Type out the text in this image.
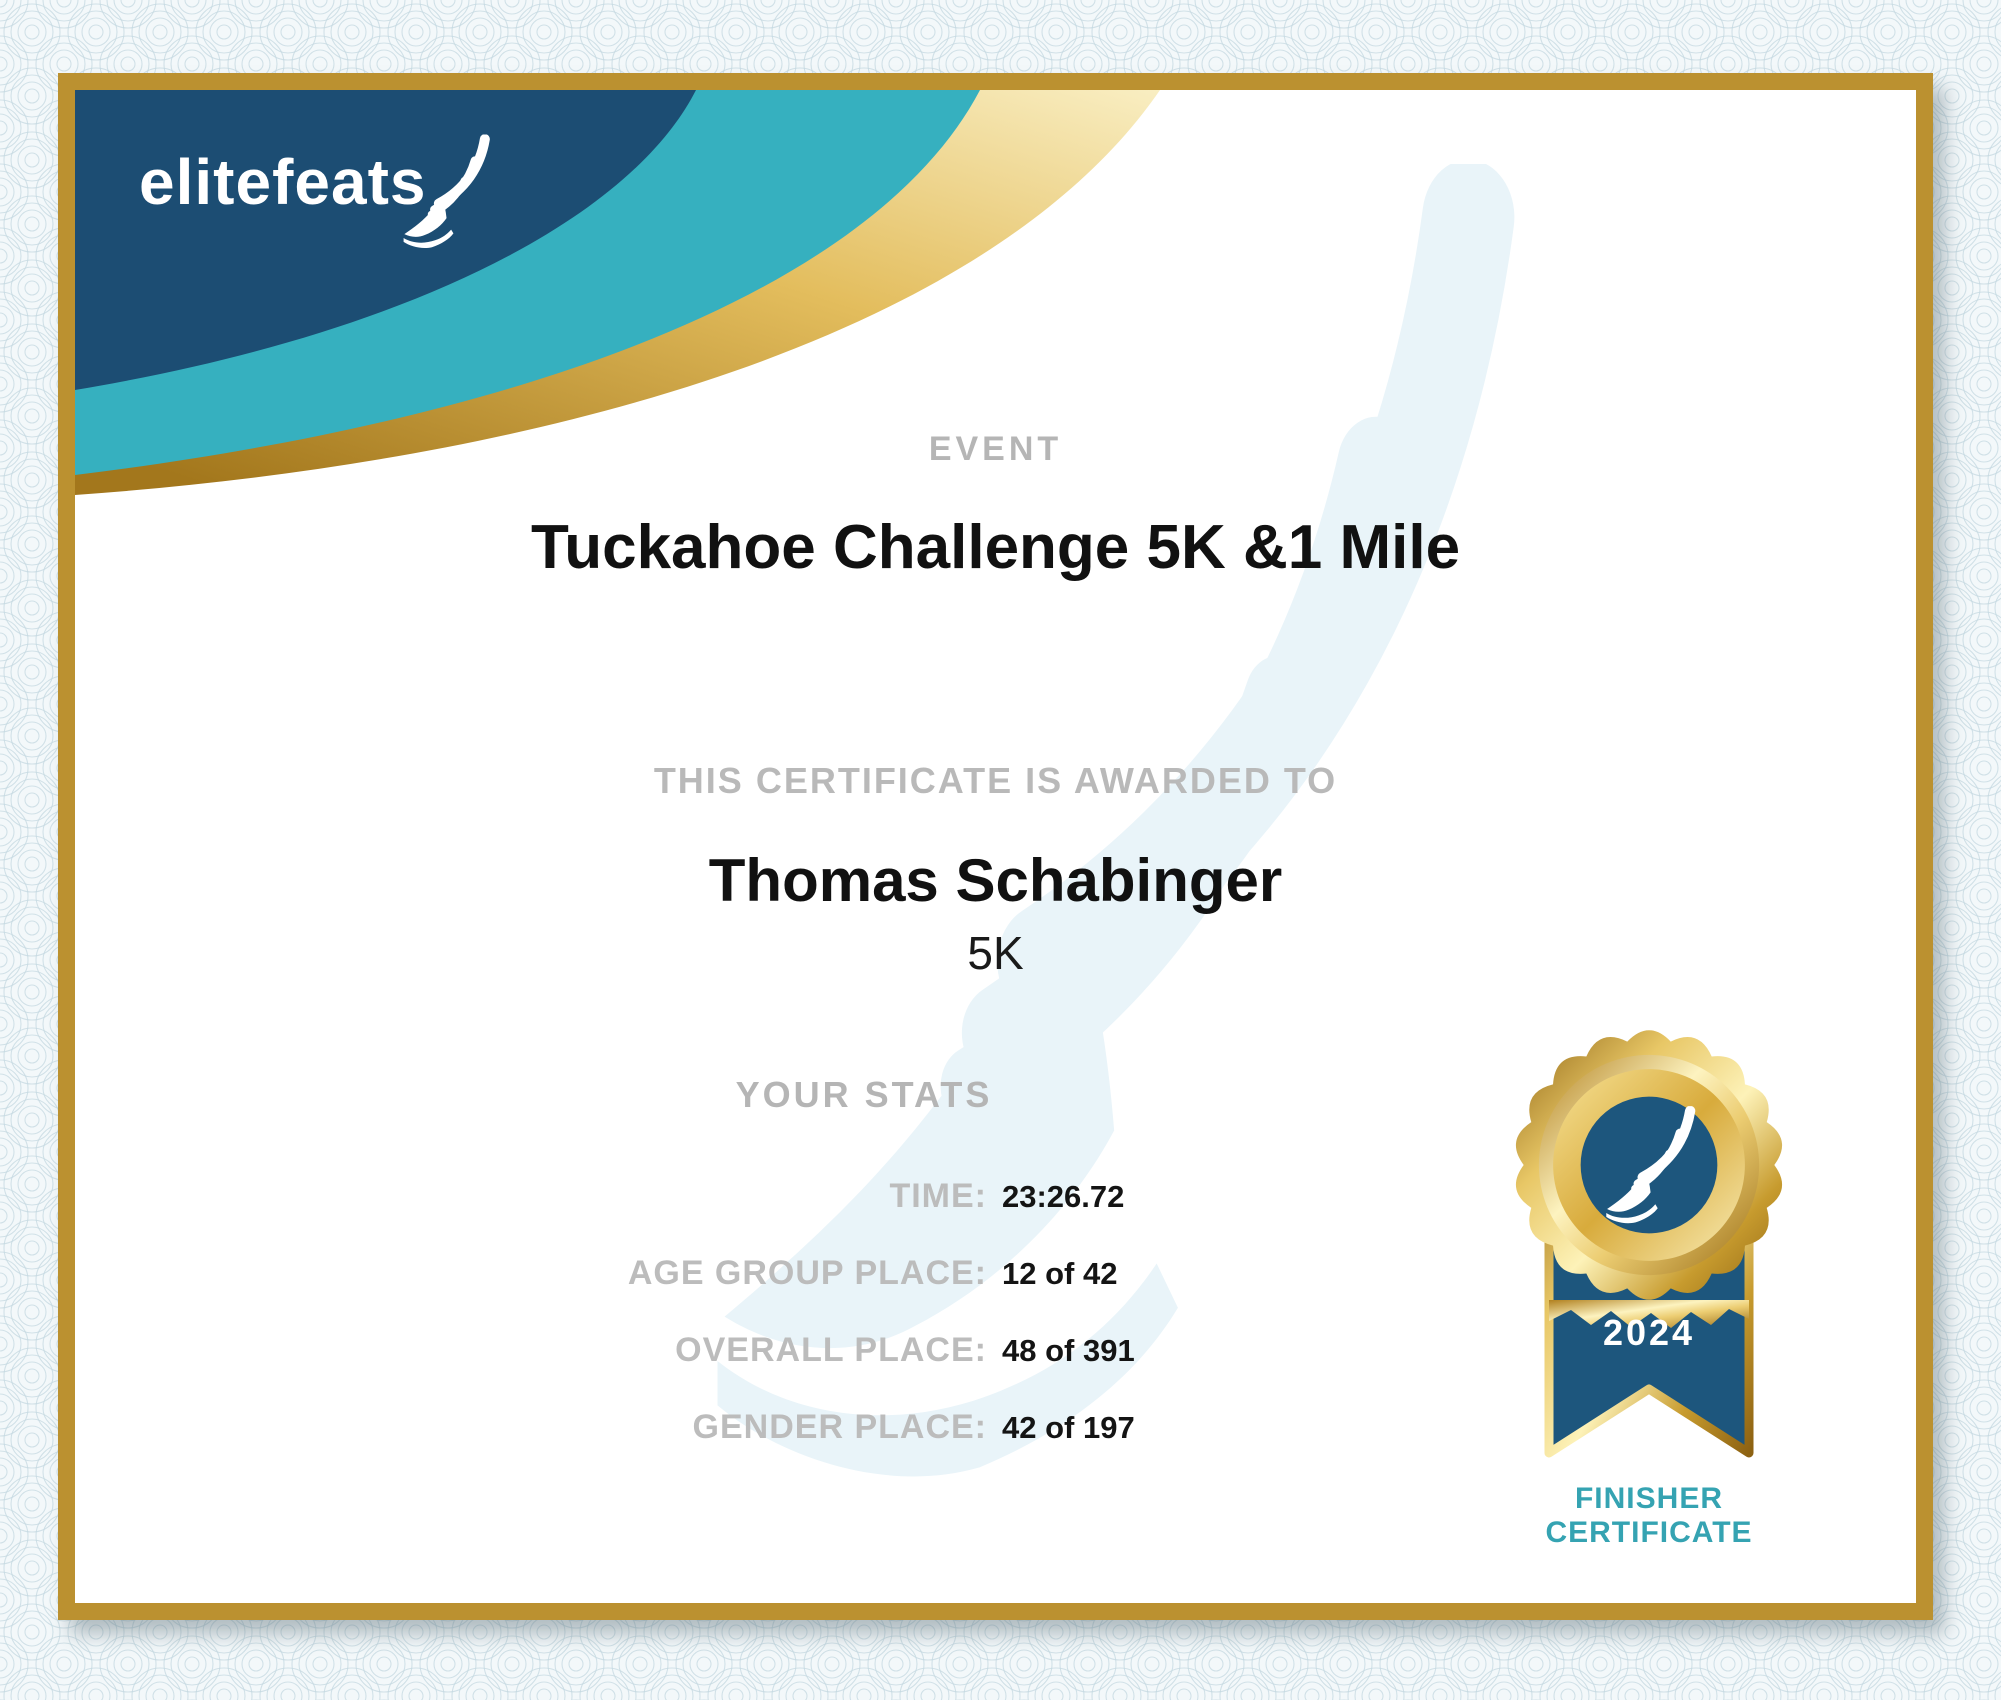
elitefeats
EVENT
Tuckahoe Challenge 5K &1 Mile
THIS CERTIFICATE IS AWARDED TO
Thomas Schabinger
5K
YOUR STATS
TIME: 23:26.72
AGE GROUP PLACE: 12 of 42
OVERALL PLACE: 48 of 391
GENDER PLACE: 42 of 197
2024
FINISHER
CERTIFICATE
